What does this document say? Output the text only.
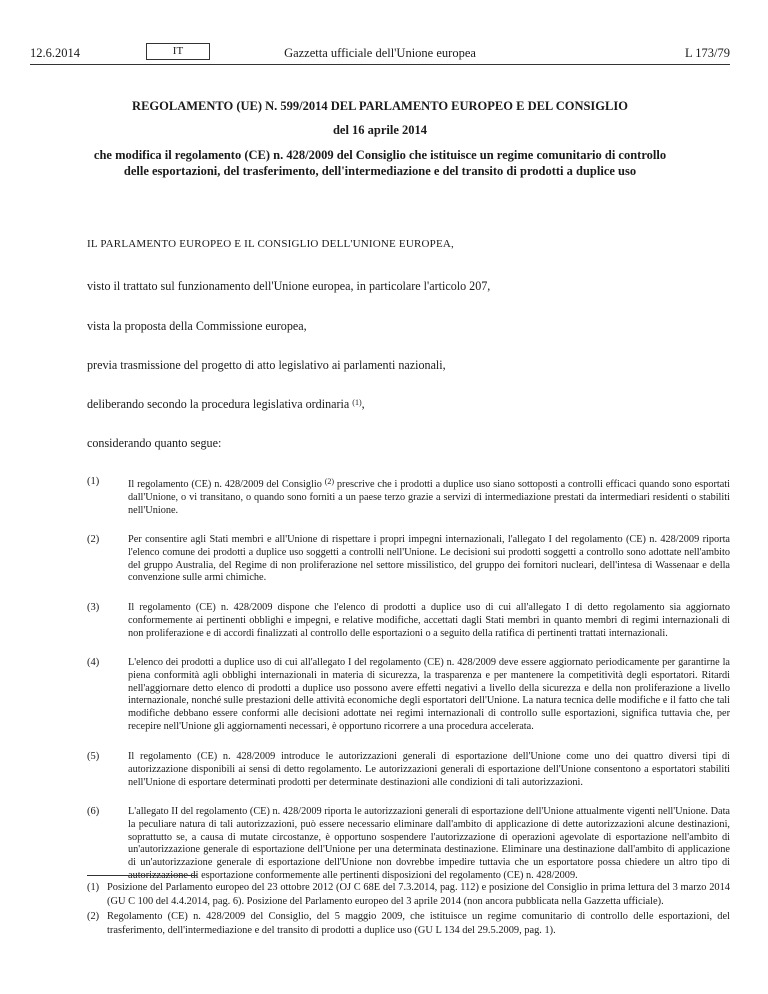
12.6.2014	IT	Gazzetta ufficiale dell'Unione europea	L 173/79
REGOLAMENTO (UE) N. 599/2014 DEL PARLAMENTO EUROPEO E DEL CONSIGLIO
del 16 aprile 2014
che modifica il regolamento (CE) n. 428/2009 del Consiglio che istituisce un regime comunitario di controllo delle esportazioni, del trasferimento, dell'intermediazione e del transito di prodotti a duplice uso
IL PARLAMENTO EUROPEO E IL CONSIGLIO DELL'UNIONE EUROPEA,
visto il trattato sul funzionamento dell'Unione europea, in particolare l'articolo 207,
vista la proposta della Commissione europea,
previa trasmissione del progetto di atto legislativo ai parlamenti nazionali,
deliberando secondo la procedura legislativa ordinaria $^{(1)}$,
considerando quanto segue:
(1)	Il regolamento (CE) n. 428/2009 del Consiglio $^{(2)}$ prescrive che i prodotti a duplice uso siano sottoposti a controlli efficaci quando sono esportati dall'Unione, o vi transitano, o quando sono forniti a un paese terzo grazie a servizi di intermediazione prestati da intermediari residenti o stabiliti nell'Unione.
(2)	Per consentire agli Stati membri e all'Unione di rispettare i propri impegni internazionali, l'allegato I del regolamento (CE) n. 428/2009 riporta l'elenco comune dei prodotti a duplice uso soggetti a controlli nell'Unione. Le decisioni sui prodotti soggetti a controllo sono adottate nell'ambito del gruppo Australia, del Regime di non proliferazione nel settore missilistico, del gruppo dei fornitori nucleari, dell'intesa di Wassenaar e della convenzione sulle armi chimiche.
(3)	Il regolamento (CE) n. 428/2009 dispone che l'elenco di prodotti a duplice uso di cui all'allegato I di detto regolamento sia aggiornato conformemente ai pertinenti obblighi e impegni, e relative modifiche, accettati dagli Stati membri in quanto membri di regimi internazionali di non proliferazione e di accordi finalizzati al controllo delle esportazioni o a seguito della ratifica di pertinenti trattati internazionali.
(4)	L'elenco dei prodotti a duplice uso di cui all'allegato I del regolamento (CE) n. 428/2009 deve essere aggiornato periodicamente per garantirne la piena conformità agli obblighi internazionali in materia di sicurezza, la trasparenza e per mantenere la competitività degli esportatori. Ritardi nell'aggiornare detto elenco di prodotti a duplice uso possono avere effetti negativi a livello della sicurezza e della non proliferazione a livello internazionale, nonché sulle prestazioni delle attività economiche degli esportatori dell'Unione. La natura tecnica delle modifiche e il fatto che tali modifiche debbano essere conformi alle decisioni adottate nei regimi internazionali di controllo sulle esportazioni, significa tuttavia che, per recepire nell'Unione gli aggiornamenti necessari, è opportuno ricorrere a una procedura accelerata.
(5)	Il regolamento (CE) n. 428/2009 introduce le autorizzazioni generali di esportazione dell'Unione come uno dei quattro diversi tipi di autorizzazione disponibili ai sensi di detto regolamento. Le autorizzazioni generali di esportazione dell'Unione consentono a esportatori stabiliti nell'Unione di esportare determinati prodotti per determinate destinazioni alle condizioni di tali autorizzazioni.
(6)	L'allegato II del regolamento (CE) n. 428/2009 riporta le autorizzazioni generali di esportazione dell'Unione attualmente vigenti nell'Unione. Data la peculiare natura di tali autorizzazioni, può essere necessario eliminare dall'ambito di applicazione di dette autorizzazioni alcune destinazioni, soprattutto se, a causa di mutate circostanze, è opportuno sospendere l'autorizzazione di operazioni agevolate di esportazione nell'ambito di un'autorizzazione generale di esportazione dell'Unione per una determinata destinazione. Eliminare una destinazione dall'ambito di applicazione di un'autorizzazione generale di esportazione dell'Unione non dovrebbe impedire tuttavia che un esportatore possa chiedere un altro tipo di autorizzazione di esportazione conformemente alle pertinenti disposizioni del regolamento (CE) n. 428/2009.
(1) Posizione del Parlamento europeo del 23 ottobre 2012 (OJ C 68E del 7.3.2014, pag. 112) e posizione del Consiglio in prima lettura del 3 marzo 2014 (GU C 100 del 4.4.2014, pag. 6). Posizione del Parlamento europeo del 3 aprile 2014 (non ancora pubblicata nella Gazzetta ufficiale).
(2) Regolamento (CE) n. 428/2009 del Consiglio, del 5 maggio 2009, che istituisce un regime comunitario di controllo delle esportazioni, del trasferimento, dell'intermediazione e del transito di prodotti a duplice uso (GU L 134 del 29.5.2009, pag. 1).
